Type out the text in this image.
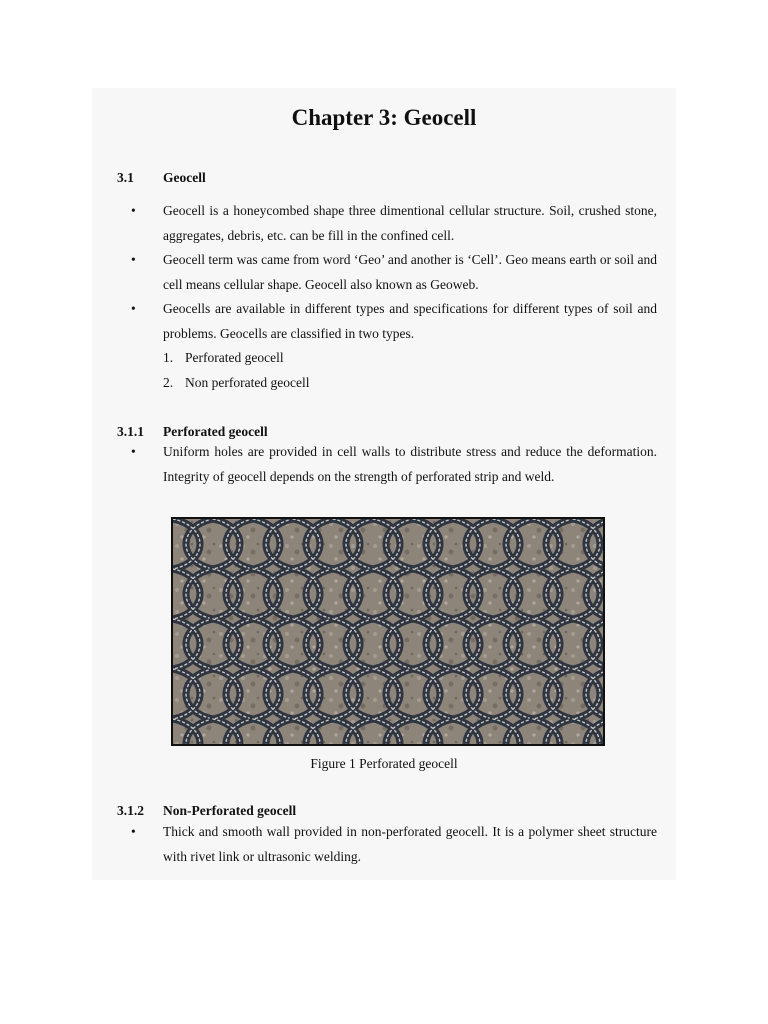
Chapter 3: Geocell

3.1 Geocell

• Geocell is a honeycombed shape three dimentional cellular structure. Soil, crushed stone, aggregates, debris, etc. can be fill in the confined cell.

• Geocell term was came from word ‘Geo’ and another is ‘Cell’. Geo means earth or soil and cell means cellular shape. Geocell also known as Geoweb.

• Geocells are available in different types and specifications for different types of soil and problems. Geocells are classified in two types.

1. Perforated geocell
2. Non perforated geocell

3.1.1 Perforated geocell

• Uniform holes are provided in cell walls to distribute stress and reduce the deformation. Integrity of geocell depends on the strength of perforated strip and weld.

Figure 1 Perforated geocell

3.1.2 Non-Perforated geocell

• Thick and smooth wall provided in non-perforated geocell. It is a polymer sheet structure with rivet link or ultrasonic welding.
